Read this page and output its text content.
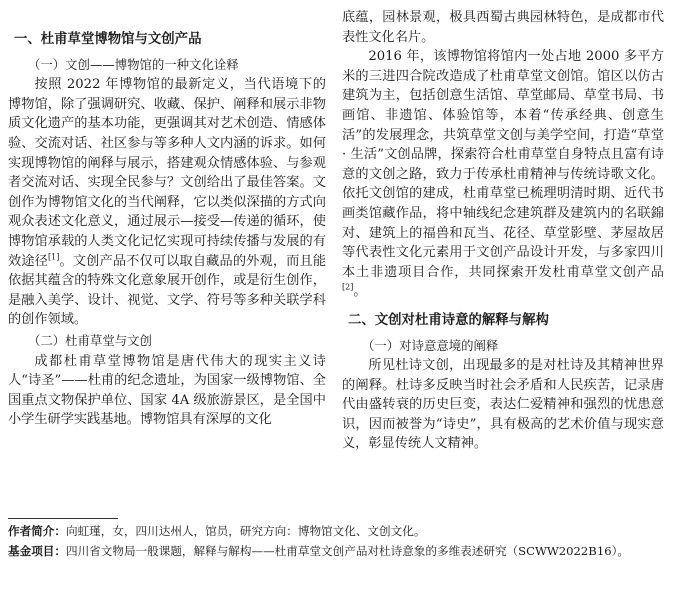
一、杜甫草堂博物馆与文创产品
（一）文创——博物馆的一种文化诠释

按照 2022 年博物馆的最新定义，当代语境下的博物馆，除了强调研究、收藏、保护、阐释和展示非物质文化遗产的基本功能，更强调其对艺术创造、情感体验、交流对话、社区参与等多种人文内涵的诉求。如何实现博物馆的阐释与展示，搭建观众情感体验、与参观者交流对话、实现全民参与？文创给出了最佳答案。文创作为博物馆文化的当代阐释，它以类似深描的方式向观众表述文化意义，通过展示—接受—传递的循环，使博物馆承载的人类文化记忆实现可持续传播与发展的有效途径[1]。文创产品不仅可以取自藏品的外观，而且能依据其蕴含的特殊文化意象展开创作，或是衍生创作，是融入美学、设计、视觉、文学、符号等多种关联学科的创作领域。

（二）杜甫草堂与文创

成都杜甫草堂博物馆是唐代伟大的现实主义诗人“诗圣”——杜甫的纪念遗址，为国家一级博物馆、全国重点文物保护单位、国家 4A 级旅游景区，是全国中小学生研学实践基地。博物馆具有深厚的文化

底蕴，园林景观，极具西蜀古典园林特色，是成都市代表性文化名片。

2016 年，该博物馆将馆内一处占地 2000 多平方米的三进四合院改造成了杜甫草堂文创馆。馆区以仿古建筑为主，包括创意生活馆、草堂邮局、草堂书局、书画馆、非遗馆、体验馆等，本着“传承经典、创意生活”的发展理念，共筑草堂文创与美学空间，打造“草堂 · 生活”文创品牌，探索符合杜甫草堂自身特点且富有诗意的文创之路，致力于传承杜甫精神与传统诗歌文化。依托文创馆的建成，杜甫草堂已梳理明清时期、近代书画类馆藏作品，将中轴线纪念建筑群及建筑内的名联錦对、建筑上的福兽和瓦当、花径、草堂影壁、茅屋故居等代表性文化元素用于文创产品设计开发，与多家四川本土非遗项目合作，共同探索开发杜甫草堂文创产品[2]。

二、文创对杜甫诗意的解释与解构
（一）对诗意意境的阐释

所见杜诗文创，出现最多的是对杜诗及其精神世界的阐释。杜诗多反映当时社会矛盾和人民疾苦，记录唐代由盛转衰的历史巨变，表达仁爱精神和强烈的忧患意识，因而被誉为“诗史”，具有极高的艺术价值与现实意义，彰显传统人文精神。

作者简介：向虹瑾，女，四川达州人，馆员，研究方向：博物馆文化、文创文化。
基金项目：四川省文物局一般课题，解释与解构——杜甫草堂文创产品对杜诗意象的多维表述研究（SCWW2022B16）。
